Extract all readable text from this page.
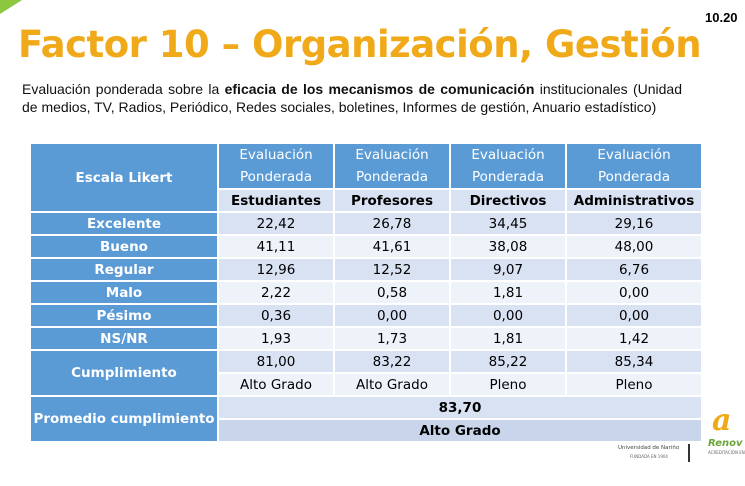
10.20
Factor 10 – Organización, Gestión
Evaluación ponderada sobre la eficacia de los mecanismos de comunicación institucionales (Unidad de medios, TV, Radios, Periódico, Redes sociales, boletines, Informes de gestión, Anuario estadístico)
Escala Likert	Evaluación Ponderada	Evaluación Ponderada	Evaluación Ponderada	Evaluación Ponderada
	Estudiantes	Profesores	Directivos	Administrativos
Excelente	22,42	26,78	34,45	29,16
Bueno	41,11	41,61	38,08	48,00
Regular	12,96	12,52	9,07	6,76
Malo	2,22	0,58	1,81	0,00
Pésimo	0,36	0,00	0,00	0,00
NS/NR	1,93	1,73	1,81	1,42
Cumplimiento	81,00	83,22	85,22	85,34
	Alto Grado	Alto Grado	Pleno	Pleno
Promedio cumplimiento	83,70			
	Alto Grado			
Universidad de Nariño
FUNDADA EN 1904
a
Renov
ACREDITACIÓN EN
